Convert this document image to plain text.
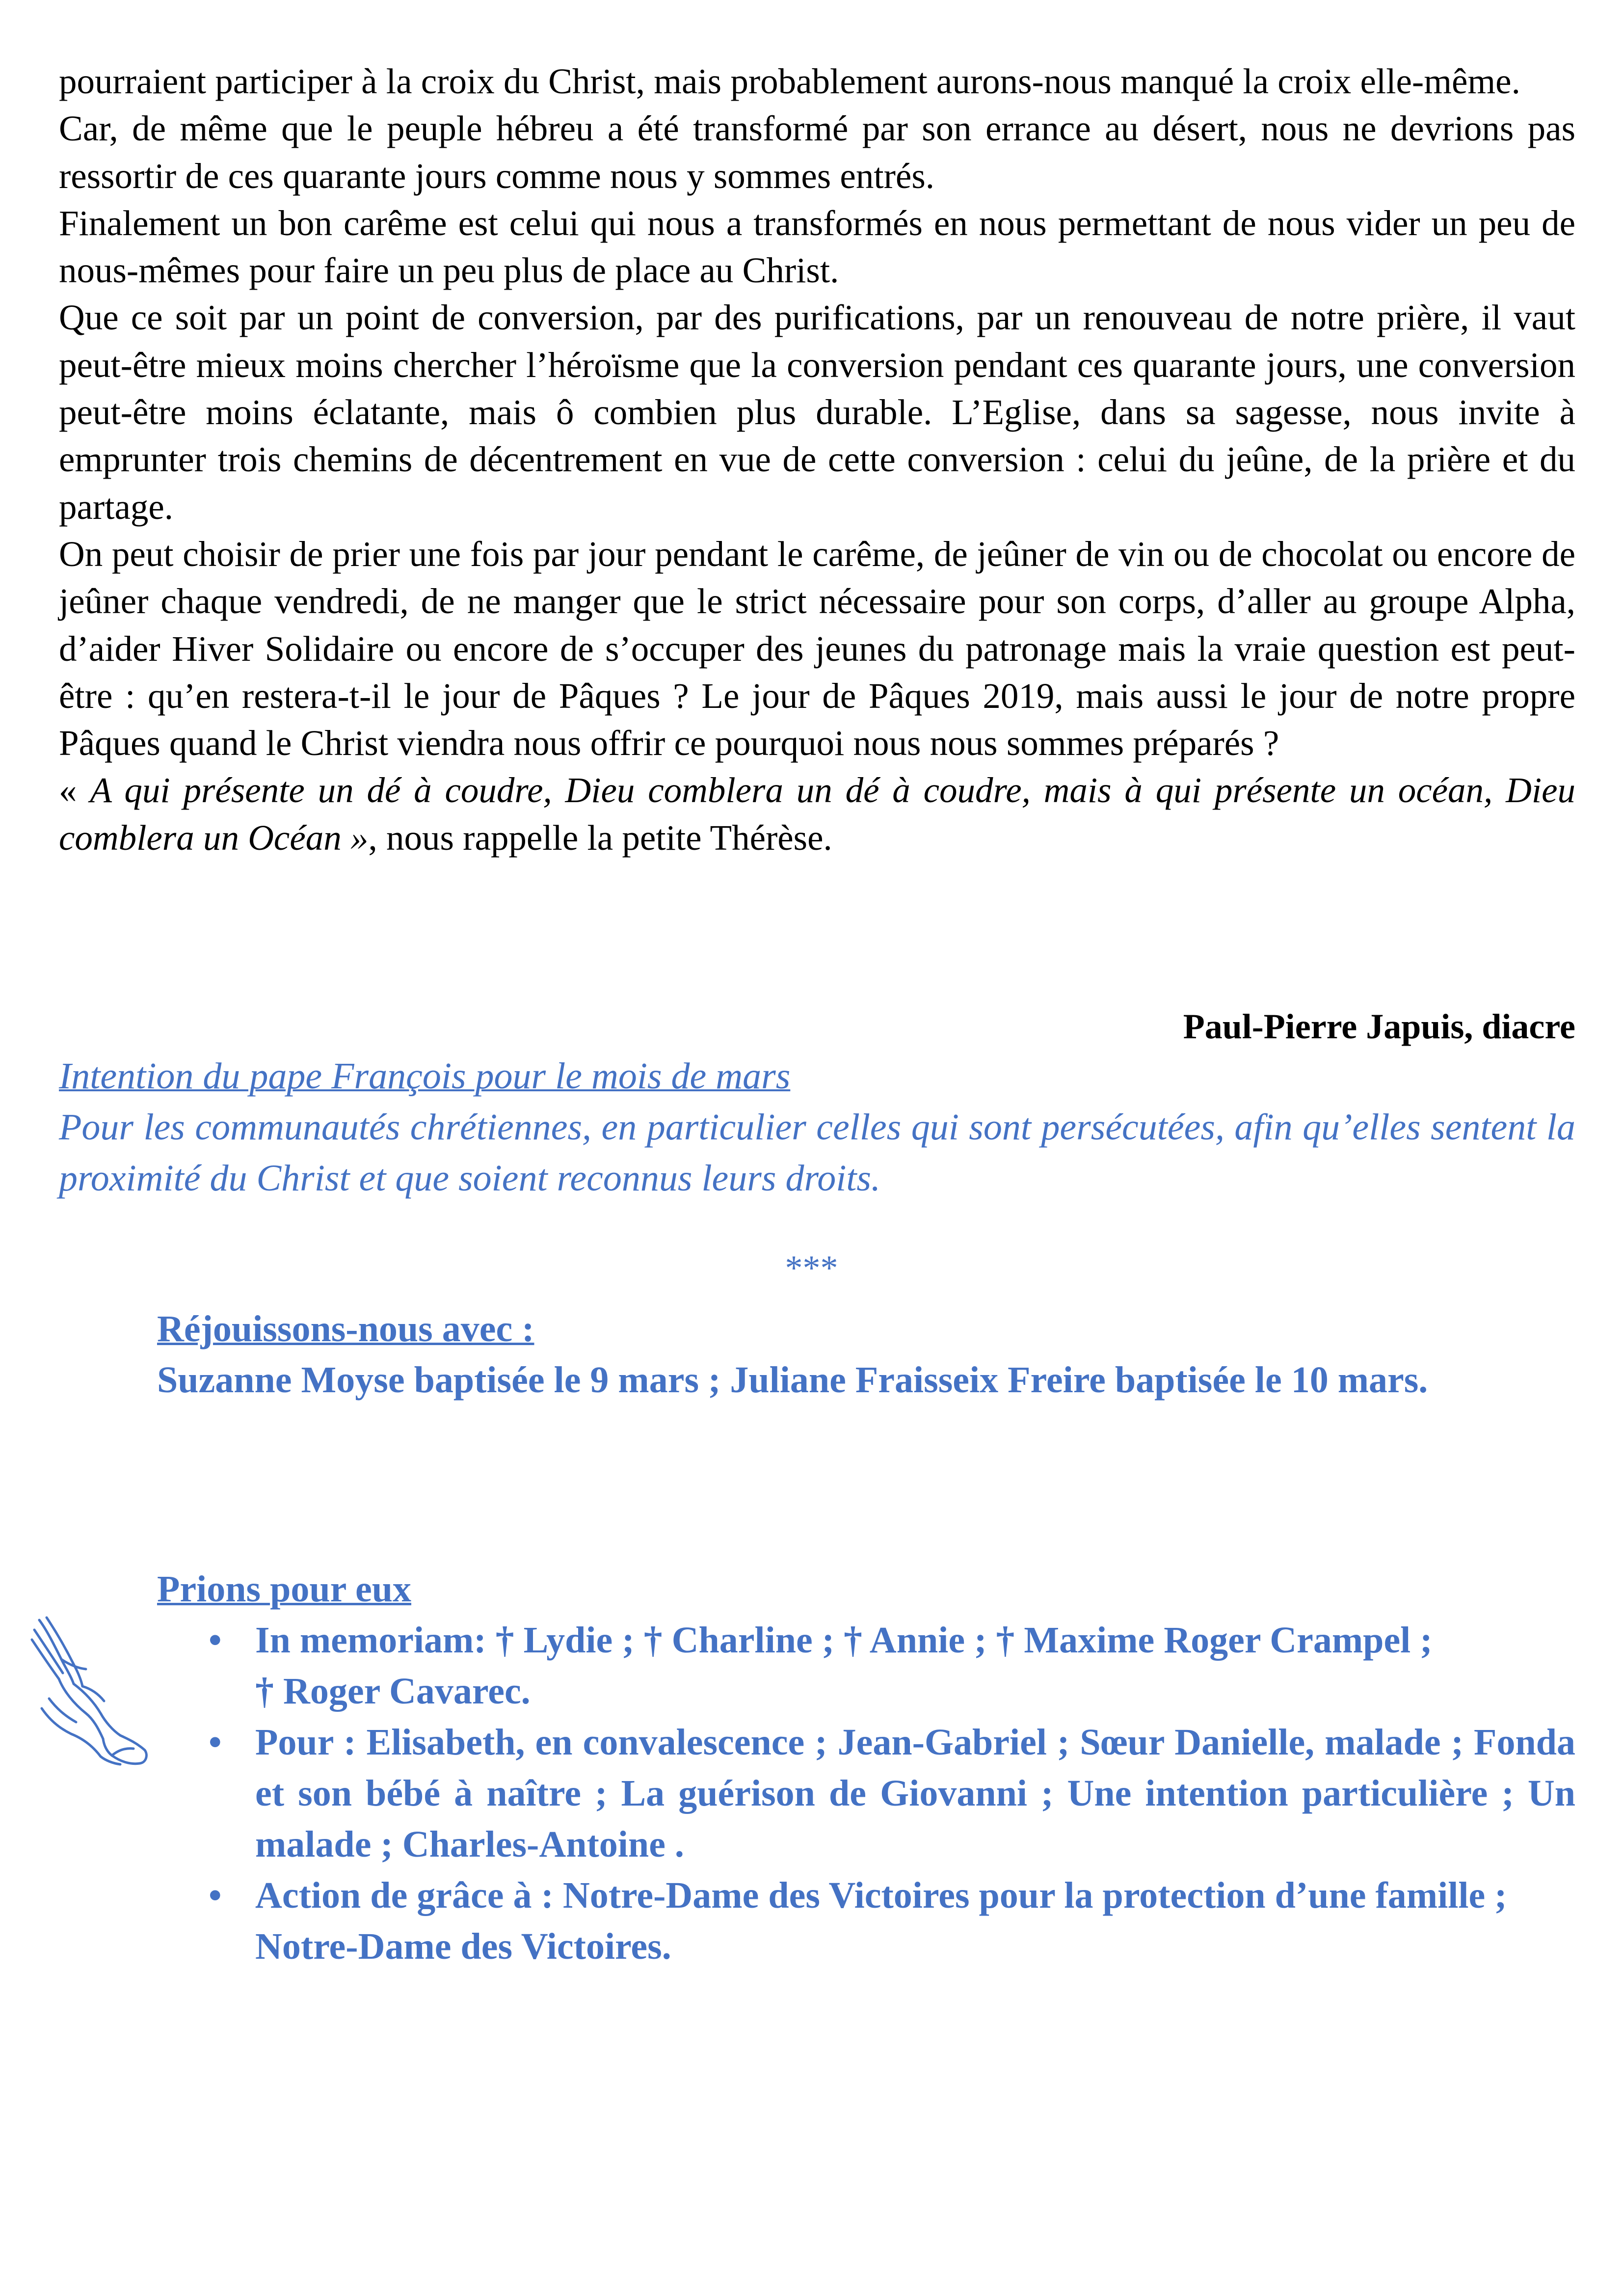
pourraient participer à la croix du Christ, mais probablement aurons-nous manqué la croix elle-même.

Car, de même que le peuple hébreu a été transformé par son errance au désert, nous ne devrions pas ressortir de ces quarante jours comme nous y sommes entrés.

Finalement un bon carême est celui qui nous a transformés en nous permettant de nous vider un peu de nous-mêmes pour faire un peu plus de place au Christ.

Que ce soit par un point de conversion, par des purifications, par un renouveau de notre prière, il vaut peut-être mieux moins chercher l’héroïsme que la conversion pendant ces quarante jours, une conversion peut-être moins éclatante, mais ô combien plus durable. L’Eglise, dans sa sagesse, nous invite à emprunter trois chemins de décentrement en vue de cette conversion : celui du jeûne, de la prière et du partage.

On peut choisir de prier une fois par jour pendant le carême, de jeûner de vin ou de chocolat ou encore de jeûner chaque vendredi, de ne manger que le strict nécessaire pour son corps, d’aller au groupe Alpha, d’aider Hiver Solidaire ou encore de s’occuper des jeunes du patronage mais la vraie question est peut-être : qu’en restera-t-il le jour de Pâques ? Le jour de Pâques 2019, mais aussi le jour de notre propre Pâques quand le Christ viendra nous offrir ce pourquoi nous nous sommes préparés ?

« A qui présente un dé à coudre, Dieu comblera un dé à coudre, mais à qui présente un océan, Dieu comblera un Océan », nous rappelle la petite Thérèse.

Paul-Pierre Japuis, diacre

Intention du pape François pour le mois de mars

Pour les communautés chrétiennes, en particulier celles qui sont persécutées, afin qu’elles sentent la proximité du Christ et que soient reconnus leurs droits.

***

Réjouissons-nous avec :

Suzanne Moyse baptisée le 9 mars ; Juliane Fraisseix Freire baptisée le 10 mars.

Prions pour eux

• In memoriam: † Lydie ; † Charline ; † Annie ; † Maxime Roger Crampel ;
† Roger Cavarec.
• Pour : Elisabeth, en convalescence ; Jean-Gabriel ; Sœur Danielle, malade ; Fonda et son bébé à naître ; La guérison de Giovanni ; Une intention particulière ; Un malade ; Charles-Antoine .
• Action de grâce à : Notre-Dame des Victoires pour la protection d’une famille ;
Notre-Dame des Victoires.
